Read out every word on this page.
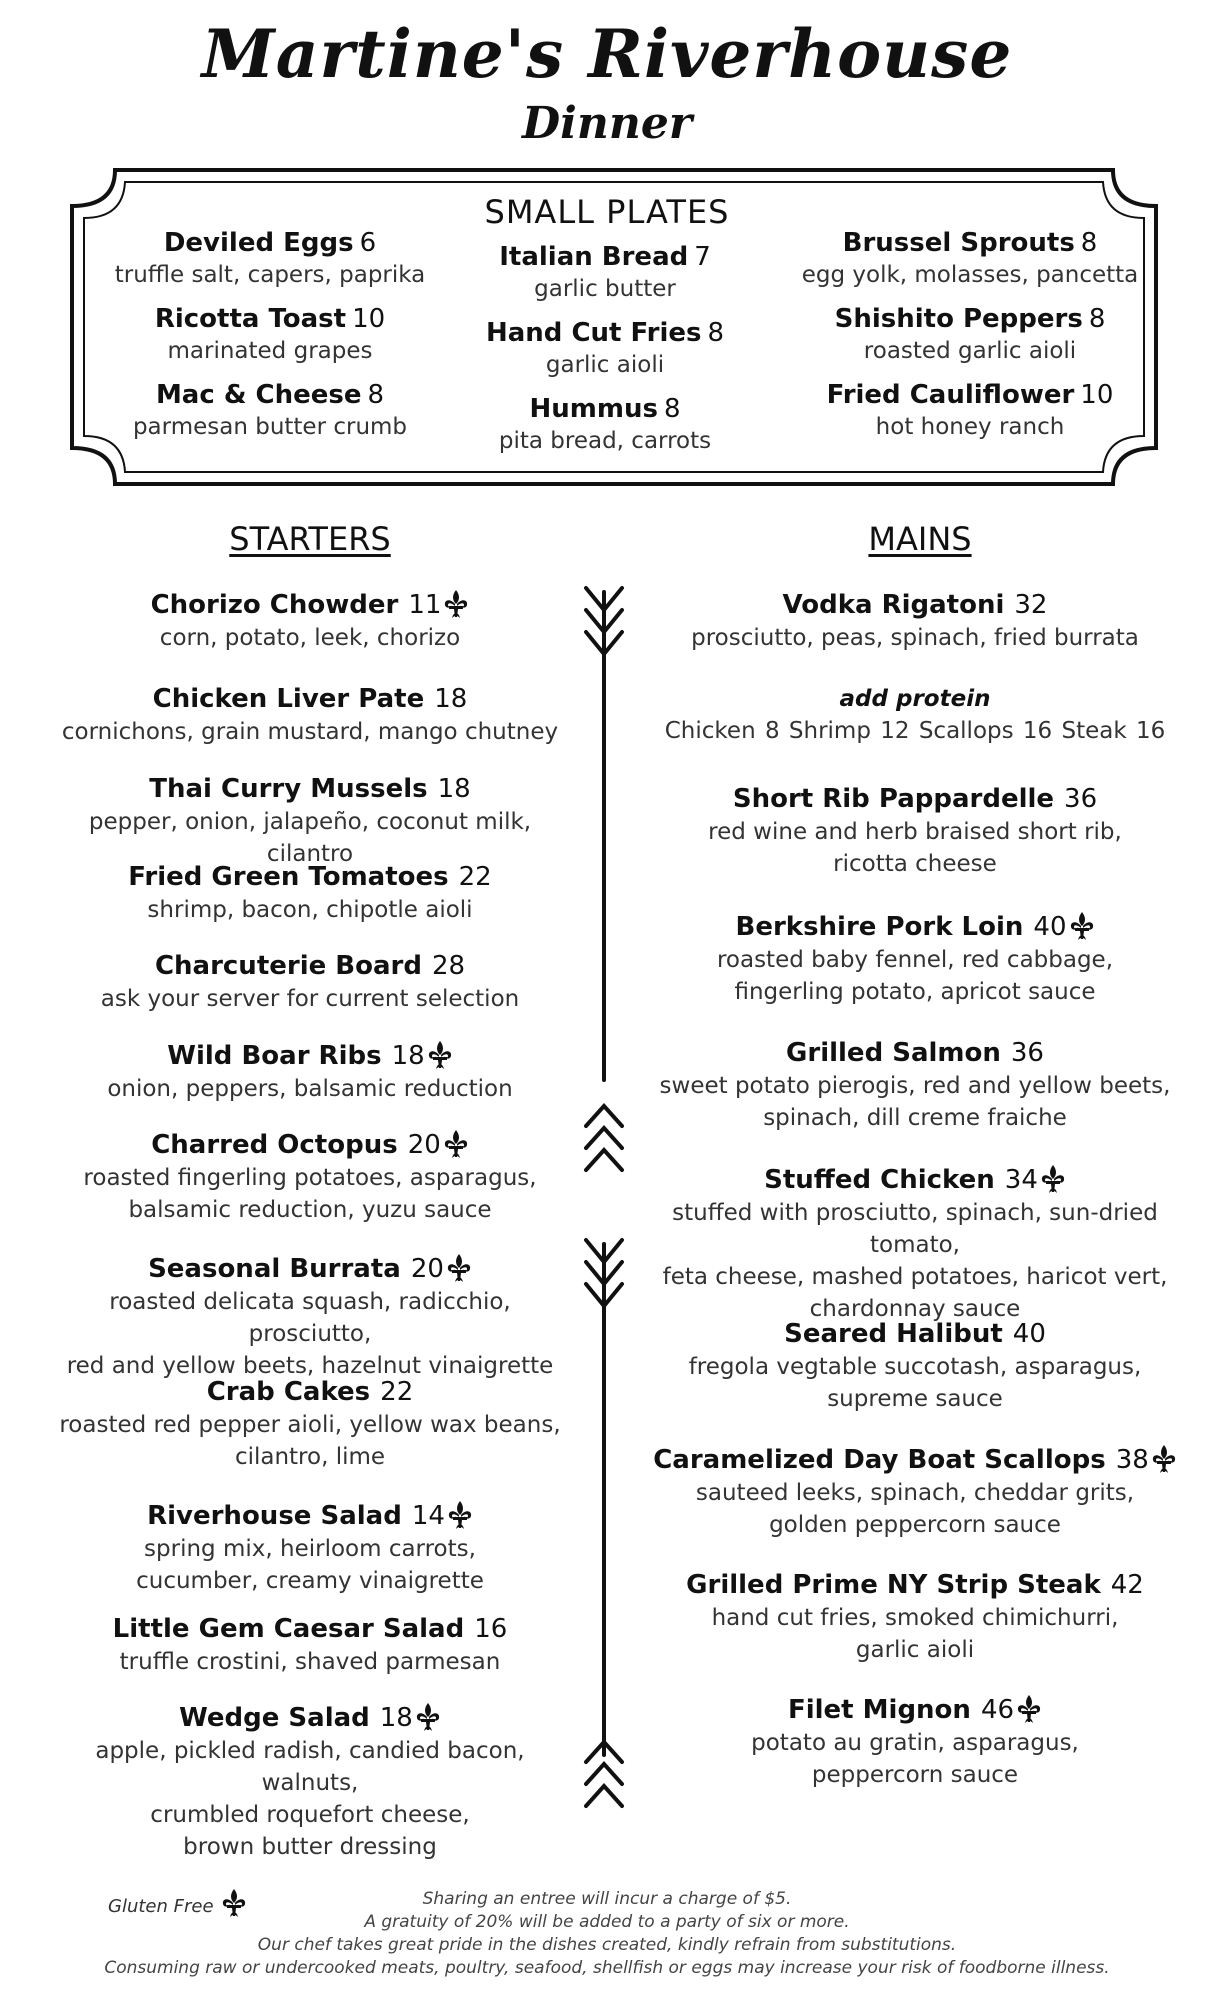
Martine's Riverhouse
Dinner
SMALL PLATES
Deviled Eggs 6
truffle salt, capers, paprika
Ricotta Toast 10
marinated grapes
Mac & Cheese 8
parmesan butter crumb
Italian Bread 7
garlic butter
Hand Cut Fries 8
garlic aioli
Hummus 8
pita bread, carrots
Brussel Sprouts 8
egg yolk, molasses, pancetta
Shishito Peppers 8
roasted garlic aioli
Fried Cauliflower 10
hot honey ranch
STARTERS	MAINS
Chorizo Chowder 11
corn, potato, leek, chorizo
Chicken Liver Pate 18
cornichons, grain mustard, mango chutney
Thai Curry Mussels 18
pepper, onion, jalapeño, coconut milk, cilantro
Fried Green Tomatoes 22
shrimp, bacon, chipotle aioli
Charcuterie Board 28
ask your server for current selection
Wild Boar Ribs 18
onion, peppers, balsamic reduction
Charred Octopus 20
roasted fingerling potatoes, asparagus,
balsamic reduction, yuzu sauce
Seasonal Burrata 20
roasted delicata squash, radicchio, prosciutto,
red and yellow beets, hazelnut vinaigrette
Crab Cakes 22
roasted red pepper aioli, yellow wax beans,
cilantro, lime
Riverhouse Salad 14
spring mix, heirloom carrots,
cucumber, creamy vinaigrette
Little Gem Caesar Salad 16
truffle crostini, shaved parmesan
Wedge Salad 18
apple, pickled radish, candied bacon, walnuts,
crumbled roquefort cheese,
brown butter dressing
Vodka Rigatoni 32
prosciutto, peas, spinach, fried burrata
Short Rib Pappardelle 36
red wine and herb braised short rib,
ricotta cheese
Berkshire Pork Loin 40
roasted baby fennel, red cabbage,
fingerling potato, apricot sauce
Grilled Salmon 36
sweet potato pierogis, red and yellow beets,
spinach, dill creme fraiche
Stuffed Chicken 34
stuffed with prosciutto, spinach, sun-dried tomato,
feta cheese, mashed potatoes, haricot vert,
chardonnay sauce
Seared Halibut 40
fregola vegtable succotash, asparagus,
supreme sauce
Caramelized Day Boat Scallops 38
sauteed leeks, spinach, cheddar grits,
golden peppercorn sauce
Grilled Prime NY Strip Steak 42
hand cut fries, smoked chimichurri,
garlic aioli
Filet Mignon 46
potato au gratin, asparagus,
peppercorn sauce
add protein
Chicken 8 Shrimp 12 Scallops 16 Steak 16
Gluten Free	Sharing an entree will incur a charge of $5.
A gratuity of 20% will be added to a party of six or more.
Our chef takes great pride in the dishes created, kindly refrain from substitutions.
Consuming raw or undercooked meats, poultry, seafood, shellfish or eggs may increase your risk of foodborne illness.
